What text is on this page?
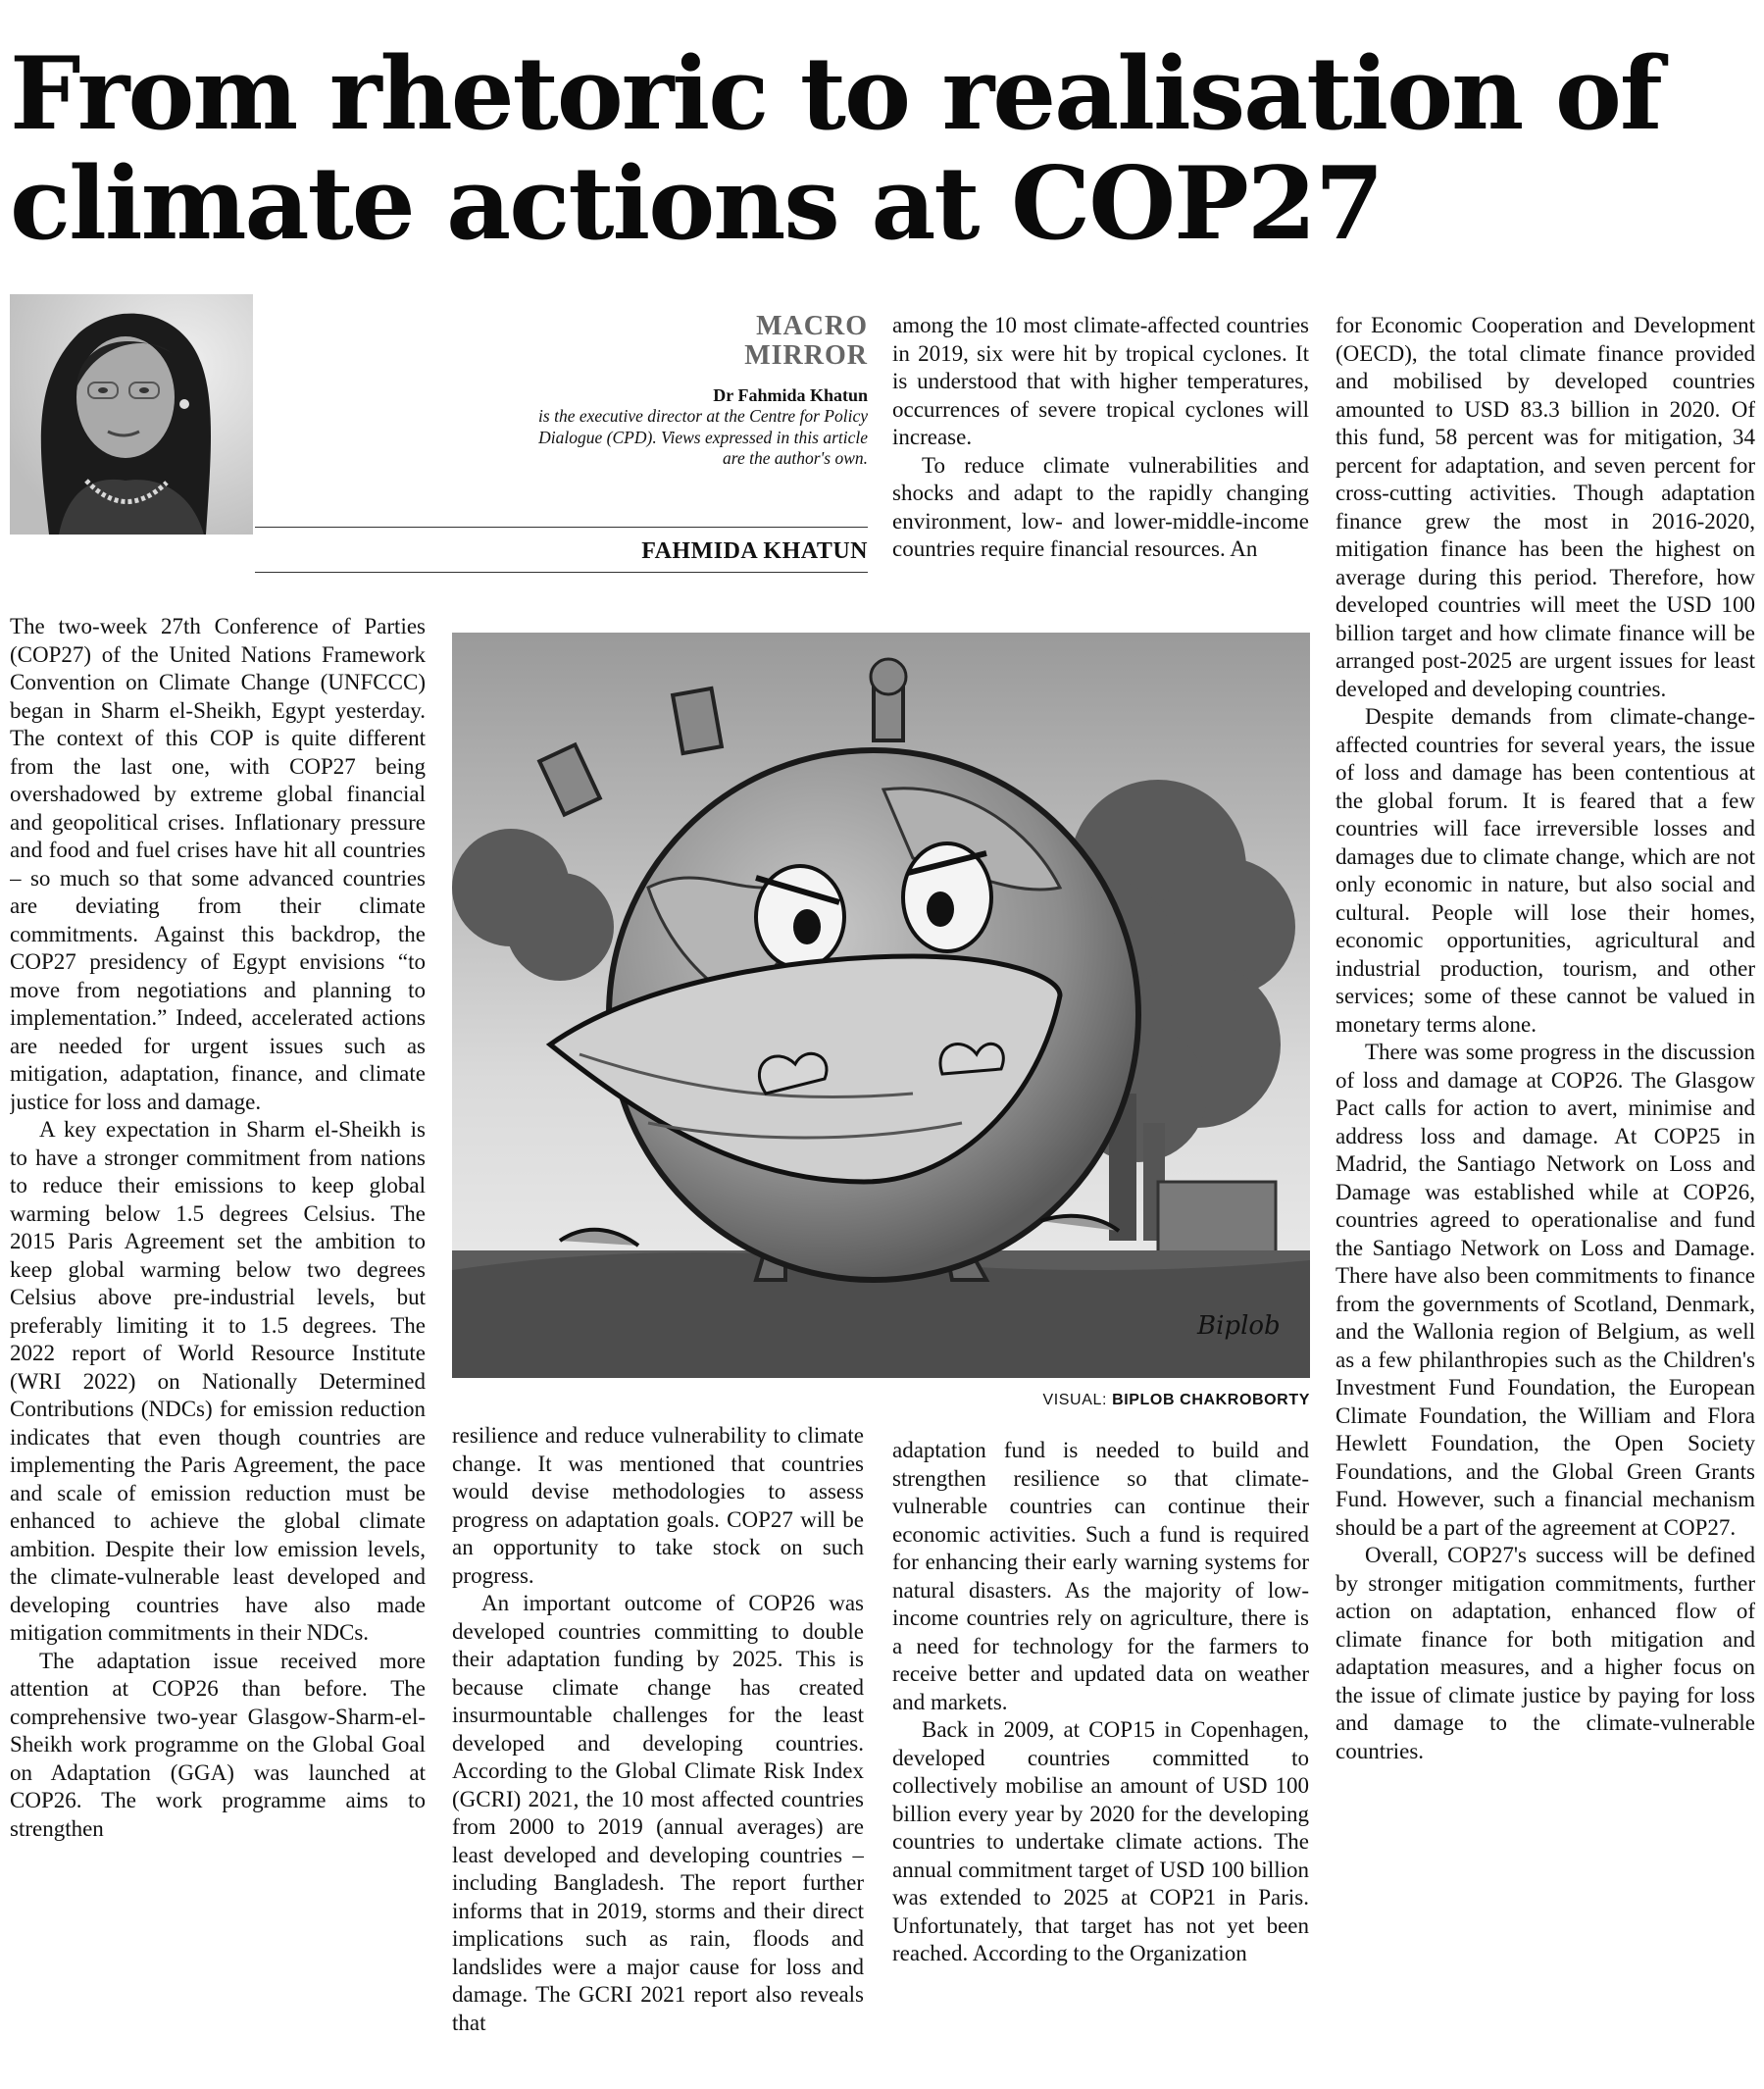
From rhetoric to realisation of climate actions at COP27
MACRO
MIRROR
Dr Fahmida Khatun
is the executive director at the Centre for Policy Dialogue (CPD). Views expressed in this article are the author's own.
FAHMIDA KHATUN

The two-week 27th Conference of Parties (COP27) of the United Nations Framework Convention on Climate Change (UNFCCC) began in Sharm el-Sheikh, Egypt yesterday. The context of this COP is quite different from the last one, with COP27 being overshadowed by extreme global financial and geopolitical crises. Inflationary pressure and food and fuel crises have hit all countries – so much so that some advanced countries are deviating from their climate commitments. Against this backdrop, the COP27 presidency of Egypt envisions “to move from negotiations and planning to implementation.” Indeed, accelerated actions are needed for urgent issues such as mitigation, adaptation, finance, and climate justice for loss and damage.

A key expectation in Sharm el-Sheikh is to have a stronger commitment from nations to reduce their emissions to keep global warming below 1.5 degrees Celsius. The 2015 Paris Agreement set the ambition to keep global warming below two degrees Celsius above pre-industrial levels, but preferably limiting it to 1.5 degrees. The 2022 report of World Resource Institute (WRI 2022) on Nationally Determined Contributions (NDCs) for emission reduction indicates that even though countries are implementing the Paris Agreement, the pace and scale of emission reduction must be enhanced to achieve the global climate ambition. Despite their low emission levels, the climate-vulnerable least developed and developing countries have also made mitigation commitments in their NDCs.

The adaptation issue received more attention at COP26 than before. The comprehensive two-year Glasgow-Sharm-el-Sheikh work programme on the Global Goal on Adaptation (GGA) was launched at COP26. The work programme aims to strengthen

among the 10 most climate-affected countries in 2019, six were hit by tropical cyclones. It is understood that with higher temperatures, occurrences of severe tropical cyclones will increase.

To reduce climate vulnerabilities and shocks and adapt to the rapidly changing environment, low- and lower-middle-income countries require financial resources. An

Biplob
VISUAL: BIPLOB CHAKROBORTY

resilience and reduce vulnerability to climate change. It was mentioned that countries would devise methodologies to assess progress on adaptation goals. COP27 will be an opportunity to take stock on such progress.

An important outcome of COP26 was developed countries committing to double their adaptation funding by 2025. This is because climate change has created insurmountable challenges for the least developed and developing countries. According to the Global Climate Risk Index (GCRI) 2021, the 10 most affected countries from 2000 to 2019 (annual averages) are least developed and developing countries – including Bangladesh. The report further informs that in 2019, storms and their direct implications such as rain, floods and landslides were a major cause for loss and damage. The GCRI 2021 report also reveals that

adaptation fund is needed to build and strengthen resilience so that climate-vulnerable countries can continue their economic activities. Such a fund is required for enhancing their early warning systems for natural disasters. As the majority of low-income countries rely on agriculture, there is a need for technology for the farmers to receive better and updated data on weather and markets.

Back in 2009, at COP15 in Copenhagen, developed countries committed to collectively mobilise an amount of USD 100 billion every year by 2020 for the developing countries to undertake climate actions. The annual commitment target of USD 100 billion was extended to 2025 at COP21 in Paris. Unfortunately, that target has not yet been reached. According to the Organization

for Economic Cooperation and Development (OECD), the total climate finance provided and mobilised by developed countries amounted to USD 83.3 billion in 2020. Of this fund, 58 percent was for mitigation, 34 percent for adaptation, and seven percent for cross-cutting activities. Though adaptation finance grew the most in 2016-2020, mitigation finance has been the highest on average during this period. Therefore, how developed countries will meet the USD 100 billion target and how climate finance will be arranged post-2025 are urgent issues for least developed and developing countries.

Despite demands from climate-change-affected countries for several years, the issue of loss and damage has been contentious at the global forum. It is feared that a few countries will face irreversible losses and damages due to climate change, which are not only economic in nature, but also social and cultural. People will lose their homes, economic opportunities, agricultural and industrial production, tourism, and other services; some of these cannot be valued in monetary terms alone.

There was some progress in the discussion of loss and damage at COP26. The Glasgow Pact calls for action to avert, minimise and address loss and damage. At COP25 in Madrid, the Santiago Network on Loss and Damage was established while at COP26, countries agreed to operationalise and fund the Santiago Network on Loss and Damage. There have also been commitments to finance from the governments of Scotland, Denmark, and the Wallonia region of Belgium, as well as a few philanthropies such as the Children's Investment Fund Foundation, the European Climate Foundation, the William and Flora Hewlett Foundation, the Open Society Foundations, and the Global Green Grants Fund. However, such a financial mechanism should be a part of the agreement at COP27.

Overall, COP27's success will be defined by stronger mitigation commitments, further action on adaptation, enhanced flow of climate finance for both mitigation and adaptation measures, and a higher focus on the issue of climate justice by paying for loss and damage to the climate-vulnerable countries.
